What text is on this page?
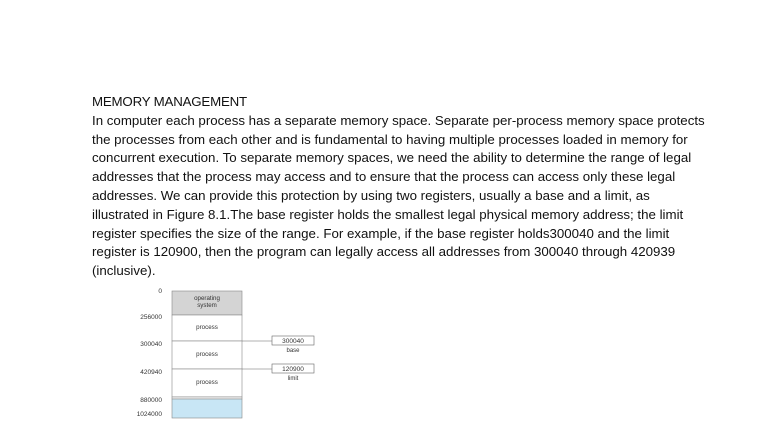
MEMORY MANAGEMENT
In computer each process has a separate memory space. Separate per-process memory space protects
the processes from each other and is fundamental to having multiple processes loaded in memory for
concurrent execution. To separate memory spaces, we need the ability to determine the range of legal
addresses that the process may access and to ensure that the process can access only these legal
addresses. We can provide this protection by using two registers, usually a base and a limit, as
illustrated in Figure 8.1.The base register holds the smallest legal physical memory address; the limit
register specifies the size of the range. For example, if the base register holds300040 and the limit
register is 120900, then the program can legally access all addresses from 300040 through 420939
(inclusive).
0
256000
300040
420940
880000
1024000
operating
system
process
process
process
300040
base
120900
limit
